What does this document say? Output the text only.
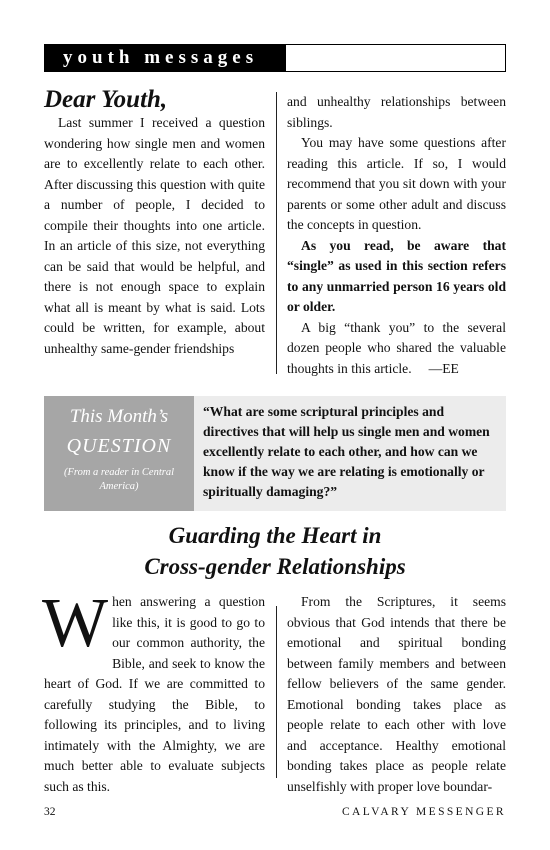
youth messages
Dear Youth,

Last summer I received a question wondering how single men and women are to excellently relate to each other. After discussing this question with quite a number of people, I decided to compile their thoughts into one article. In an article of this size, not everything can be said that would be helpful, and there is not enough space to explain what all is meant by what is said. Lots could be written, for example, about unhealthy same-gender friendships

and unhealthy relationships between siblings.

You may have some questions after reading this article. If so, I would recommend that you sit down with your parents or some other adult and discuss the concepts in question.

As you read, be aware that “single” as used in this section refers to any unmarried person 16 years old or older.

A big “thank you” to the several dozen people who shared the valuable thoughts in this article. —EE

This Month’s
QUESTION
(From a reader in Central America)
“What are some scriptural principles and directives that will help us single men and women excellently relate to each other, and how can we know if the way we are relating is emotionally or spiritually damaging?”
Guarding the Heart in
Cross-gender Relationships

When answering a question like this, it is good to go to our common authority, the Bible, and seek to know the heart of God. If we are committed to carefully studying the Bible, to following its principles, and to living intimately with the Almighty, we are much better able to evaluate subjects such as this.

From the Scriptures, it seems obvious that God intends that there be emotional and spiritual bonding between family members and between fellow believers of the same gender. Emotional bonding takes place as people relate to each other with love and acceptance. Healthy emotional bonding takes place as people relate unselfishly with proper love boundar-

32	CALVARY MESSENGER
